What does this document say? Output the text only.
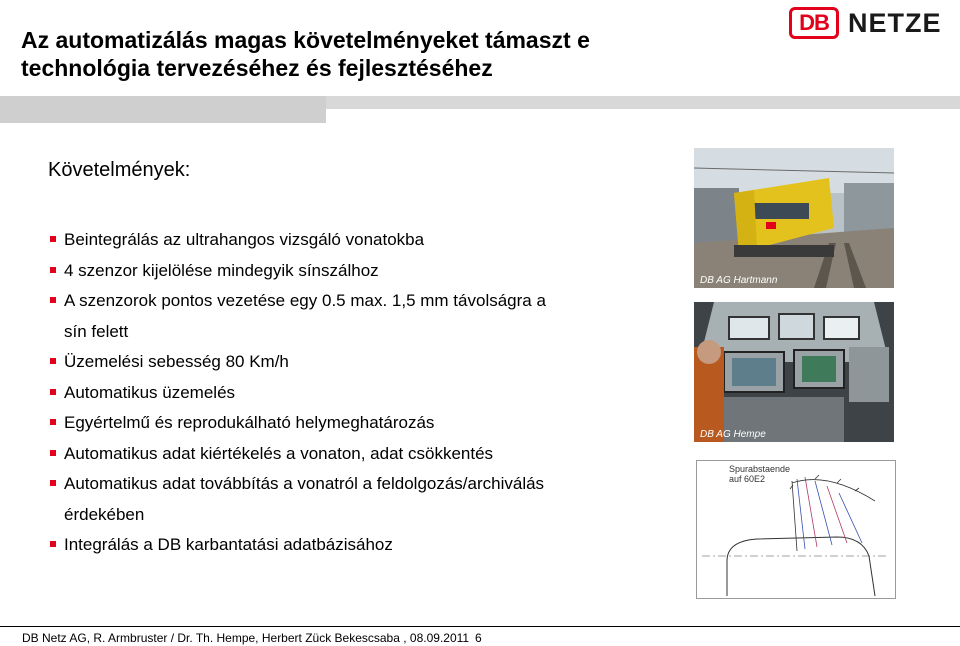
Az automatizálás magas követelményeket támaszt e technológia tervezéséhez és fejlesztéséhez
DB NETZE
Követelmények:
Beintegrálás az ultrahangos vizsgáló vonatokba
4 szenzor kijelölése mindegyik sínszálhoz
A szenzorok pontos vezetése egy 0.5 max. 1,5 mm távolságra a
sín felett
Üzemelési sebesség 80 Km/h
Automatikus üzemelés
Egyértelmű és reprodukálható helymeghatározás
Automatikus adat kiértékelés a vonaton, adat csökkentés
Automatikus adat továbbítás a vonatról a feldolgozás/archiválás
érdekében
Integrálás a DB karbantatási adatbázisához
DB AG Hartmann
DB AG Hempe
Spurabstaende
auf 60E2
DB Netz AG, R. Armbruster / Dr. Th. Hempe, Herbert Zück Bekescsaba , 08.09.2011 6
